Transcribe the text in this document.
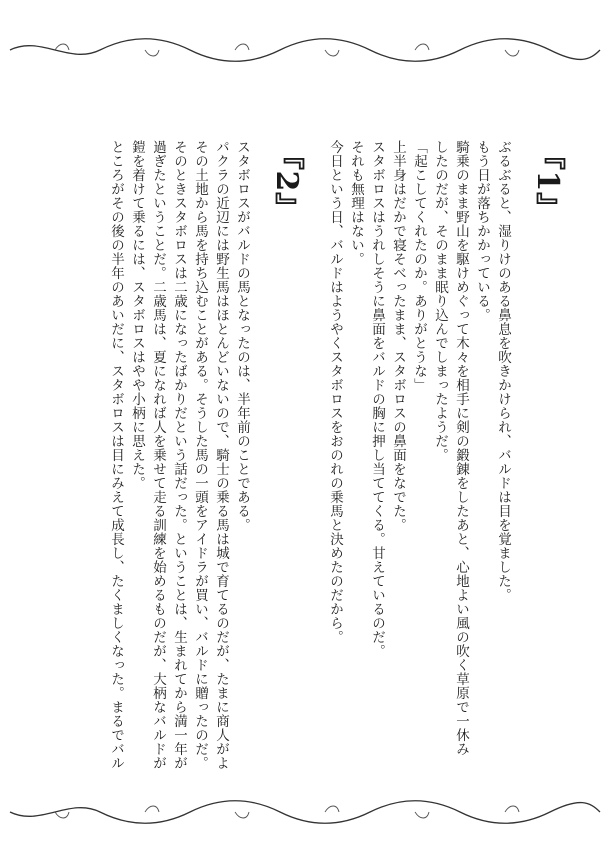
『1』
ぶるぶると、湿りけのある鼻息を吹きかけられ、バルドは目を覚ました。
もう日が落ちかかっている。
騎乗のまま野山を駆けめぐって木々を相手に剣の鍛錬をしたあと、心地よい風の吹く草原で一休み
したのだが、そのまま眠り込んでしまったようだ。
「起こしてくれたのか。ありがとうな」
上半身はだかで寝そべったまま、スタボロスの鼻面をなでた。
スタボロスはうれしそうに鼻面をバルドの胸に押し当ててくる。甘えているのだ。
それも無理はない。
今日という日、バルドはようやくスタボロスをおのれの乗馬と決めたのだから。
『2』
スタボロスがバルドの馬となったのは、半年前のことである。
パクラの近辺には野生馬はほとんどいないので、騎士の乗る馬は城で育てるのだが、たまに商人がよ
その土地から馬を持ち込むことがある。そうした馬の一頭をアイドラが買い、バルドに贈ったのだ。
そのときスタボロスは二歳になったばかりだという話だった。ということは、生まれてから満一年が
過ぎたということだ。二歳馬は、夏になれば人を乗せて走る訓練を始めるものだが、大柄なバルドが
鎧を着けて乗るには、スタボロスはやや小柄に思えた。
ところがその後の半年のあいだに、スタボロスは目にみえて成長し、たくましくなった。まるでバル
